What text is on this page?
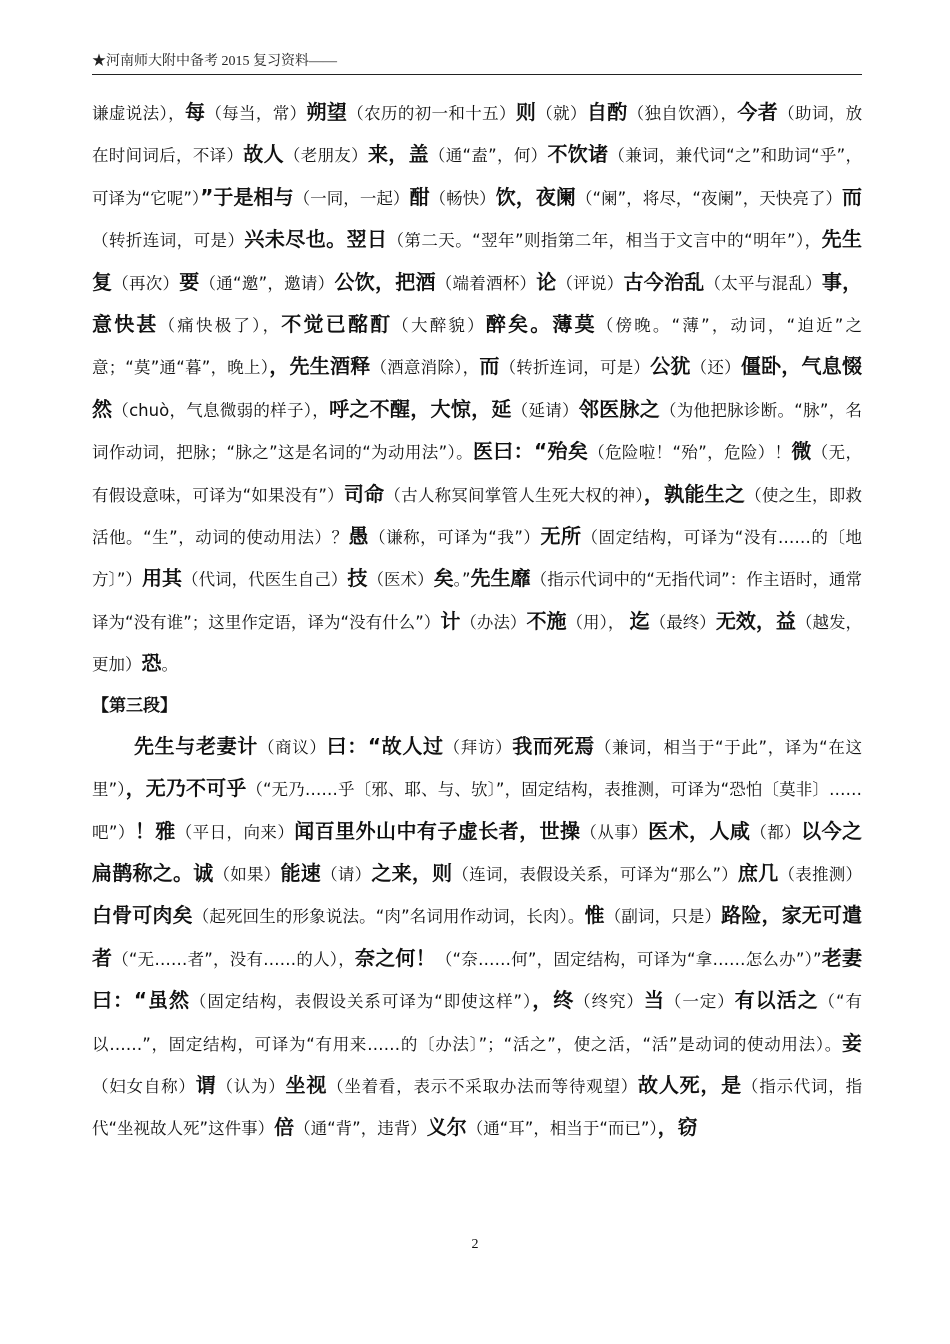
★河南师大附中备考 2015 复习资料——

谦虚说法），每（每当，常）朔望（农历的初一和十五）则（就）自酌（独自饮酒），今者（助词，放在时间词后，不译）故人（老朋友）来，盖（通“盍”，何）不饮诸（兼词，兼代词“之”和助词“乎”，可译为“它呢”）”于是相与（一同，一起）酣（畅快）饮，夜阑（“阑”，将尽，“夜阑”，天快亮了）而（转折连词，可是）兴未尽也。翌日（第二天。“翌年”则指第二年，相当于文言中的“明年”），先生复（再次）要（通“邀”，邀请）公饮，把酒（端着酒杯）论（评说）古今治乱（太平与混乱）事，意快甚（痛快极了），不觉已酩酊（大醉貌）醉矣。薄莫（傍晚。“薄”，动词，“迫近”之意；“莫”通“暮”，晚上），先生酒释（酒意消除），而（转折连词，可是）公犹（还）僵卧，气息惙然（chuò，气息微弱的样子），呼之不醒，大惊，延（延请）邻医脉之（为他把脉诊断。“脉”，名词作动词，把脉；“脉之”这是名词的“为动用法”）。医曰：“殆矣（危险啦！“殆”，危险）！微（无，有假设意味，可译为“如果没有”）司命（古人称冥间掌管人生死大权的神），孰能生之（使之生，即救活他。“生”，动词的使动用法）？愚（谦称，可译为“我”）无所（固定结构，可译为“没有……的〔地方〕”）用其（代词，代医生自己）技（医术）矣。”先生靡（指示代词中的“无指代词”：作主语时，通常译为“没有谁”；这里作定语，译为“没有什么”）计（办法）不施（用）， 迄（最终）无效，益（越发，更加）恐。

【第三段】

先生与老妻计（商议）曰：“故人过（拜访）我而死焉（兼词，相当于“于此”，译为“在这里”），无乃不可乎（“无乃……乎〔邪、耶、与、欤〕”，固定结构，表推测，可译为“恐怕〔莫非〕……吧”）！雅（平日，向来）闻百里外山中有子虚长者，世操（从事）医术，人咸（都）以今之扁鹊称之。诚（如果）能速（请）之来，则（连词，表假设关系，可译为“那么”）庶几（表推测）白骨可肉矣（起死回生的形象说法。“肉”名词用作动词，长肉）。惟（副词，只是）路险，家无可遣者（“无……者”，没有……的人），奈之何！（“奈……何”，固定结构，可译为“拿……怎么办”）”老妻曰：“虽然（固定结构，表假设关系可译为“即使这样”），终（终究）当（一定）有以活之（“有以……”，固定结构，可译为“有用来……的〔办法〕”；“活之”，使之活，“活”是动词的使动用法）。妾（妇女自称）谓（认为）坐视（坐着看，表示不采取办法而等待观望）故人死，是（指示代词，指代“坐视故人死”这件事）倍（通“背”，违背）义尔（通“耳”，相当于“而已”），窃

2
